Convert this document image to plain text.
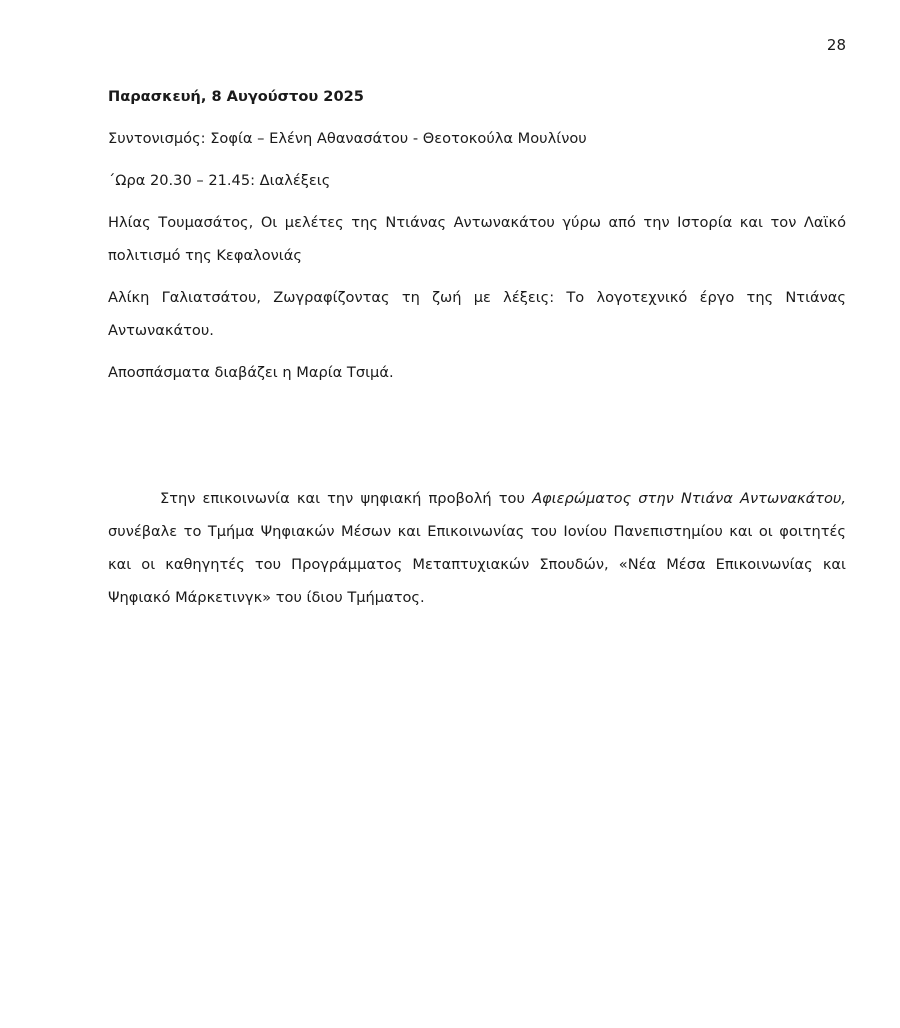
28

Παρασκευή, 8 Αυγούστου 2025

Συντονισμός: Σοφία – Ελένη Αθανασάτου - Θεοτοκούλα Μουλίνου

΄Ωρα 20.30 – 21.45: Διαλέξεις

Ηλίας Τουμασάτος, Οι μελέτες της Ντιάνας Αντωνακάτου γύρω από την Ιστορία και τον Λαϊκό πολιτισμό της Κεφαλονιάς

Αλίκη Γαλιατσάτου, Ζωγραφίζοντας τη ζωή με λέξεις: Το λογοτεχνικό έργο της Ντιάνας Αντωνακάτου.

Αποσπάσματα διαβάζει η Μαρία Τσιμά.

Στην επικοινωνία και την ψηφιακή προβολή του Αφιερώματος στην Ντιάνα Αντωνακάτου, συνέβαλε το Τμήμα Ψηφιακών Μέσων και Επικοινωνίας του Ιονίου Πανεπιστημίου και οι φοιτητές και οι καθηγητές του Προγράμματος Μεταπτυχιακών Σπουδών, «Νέα Μέσα Επικοινωνίας και Ψηφιακό Μάρκετινγκ» του ίδιου Τμήματος.
